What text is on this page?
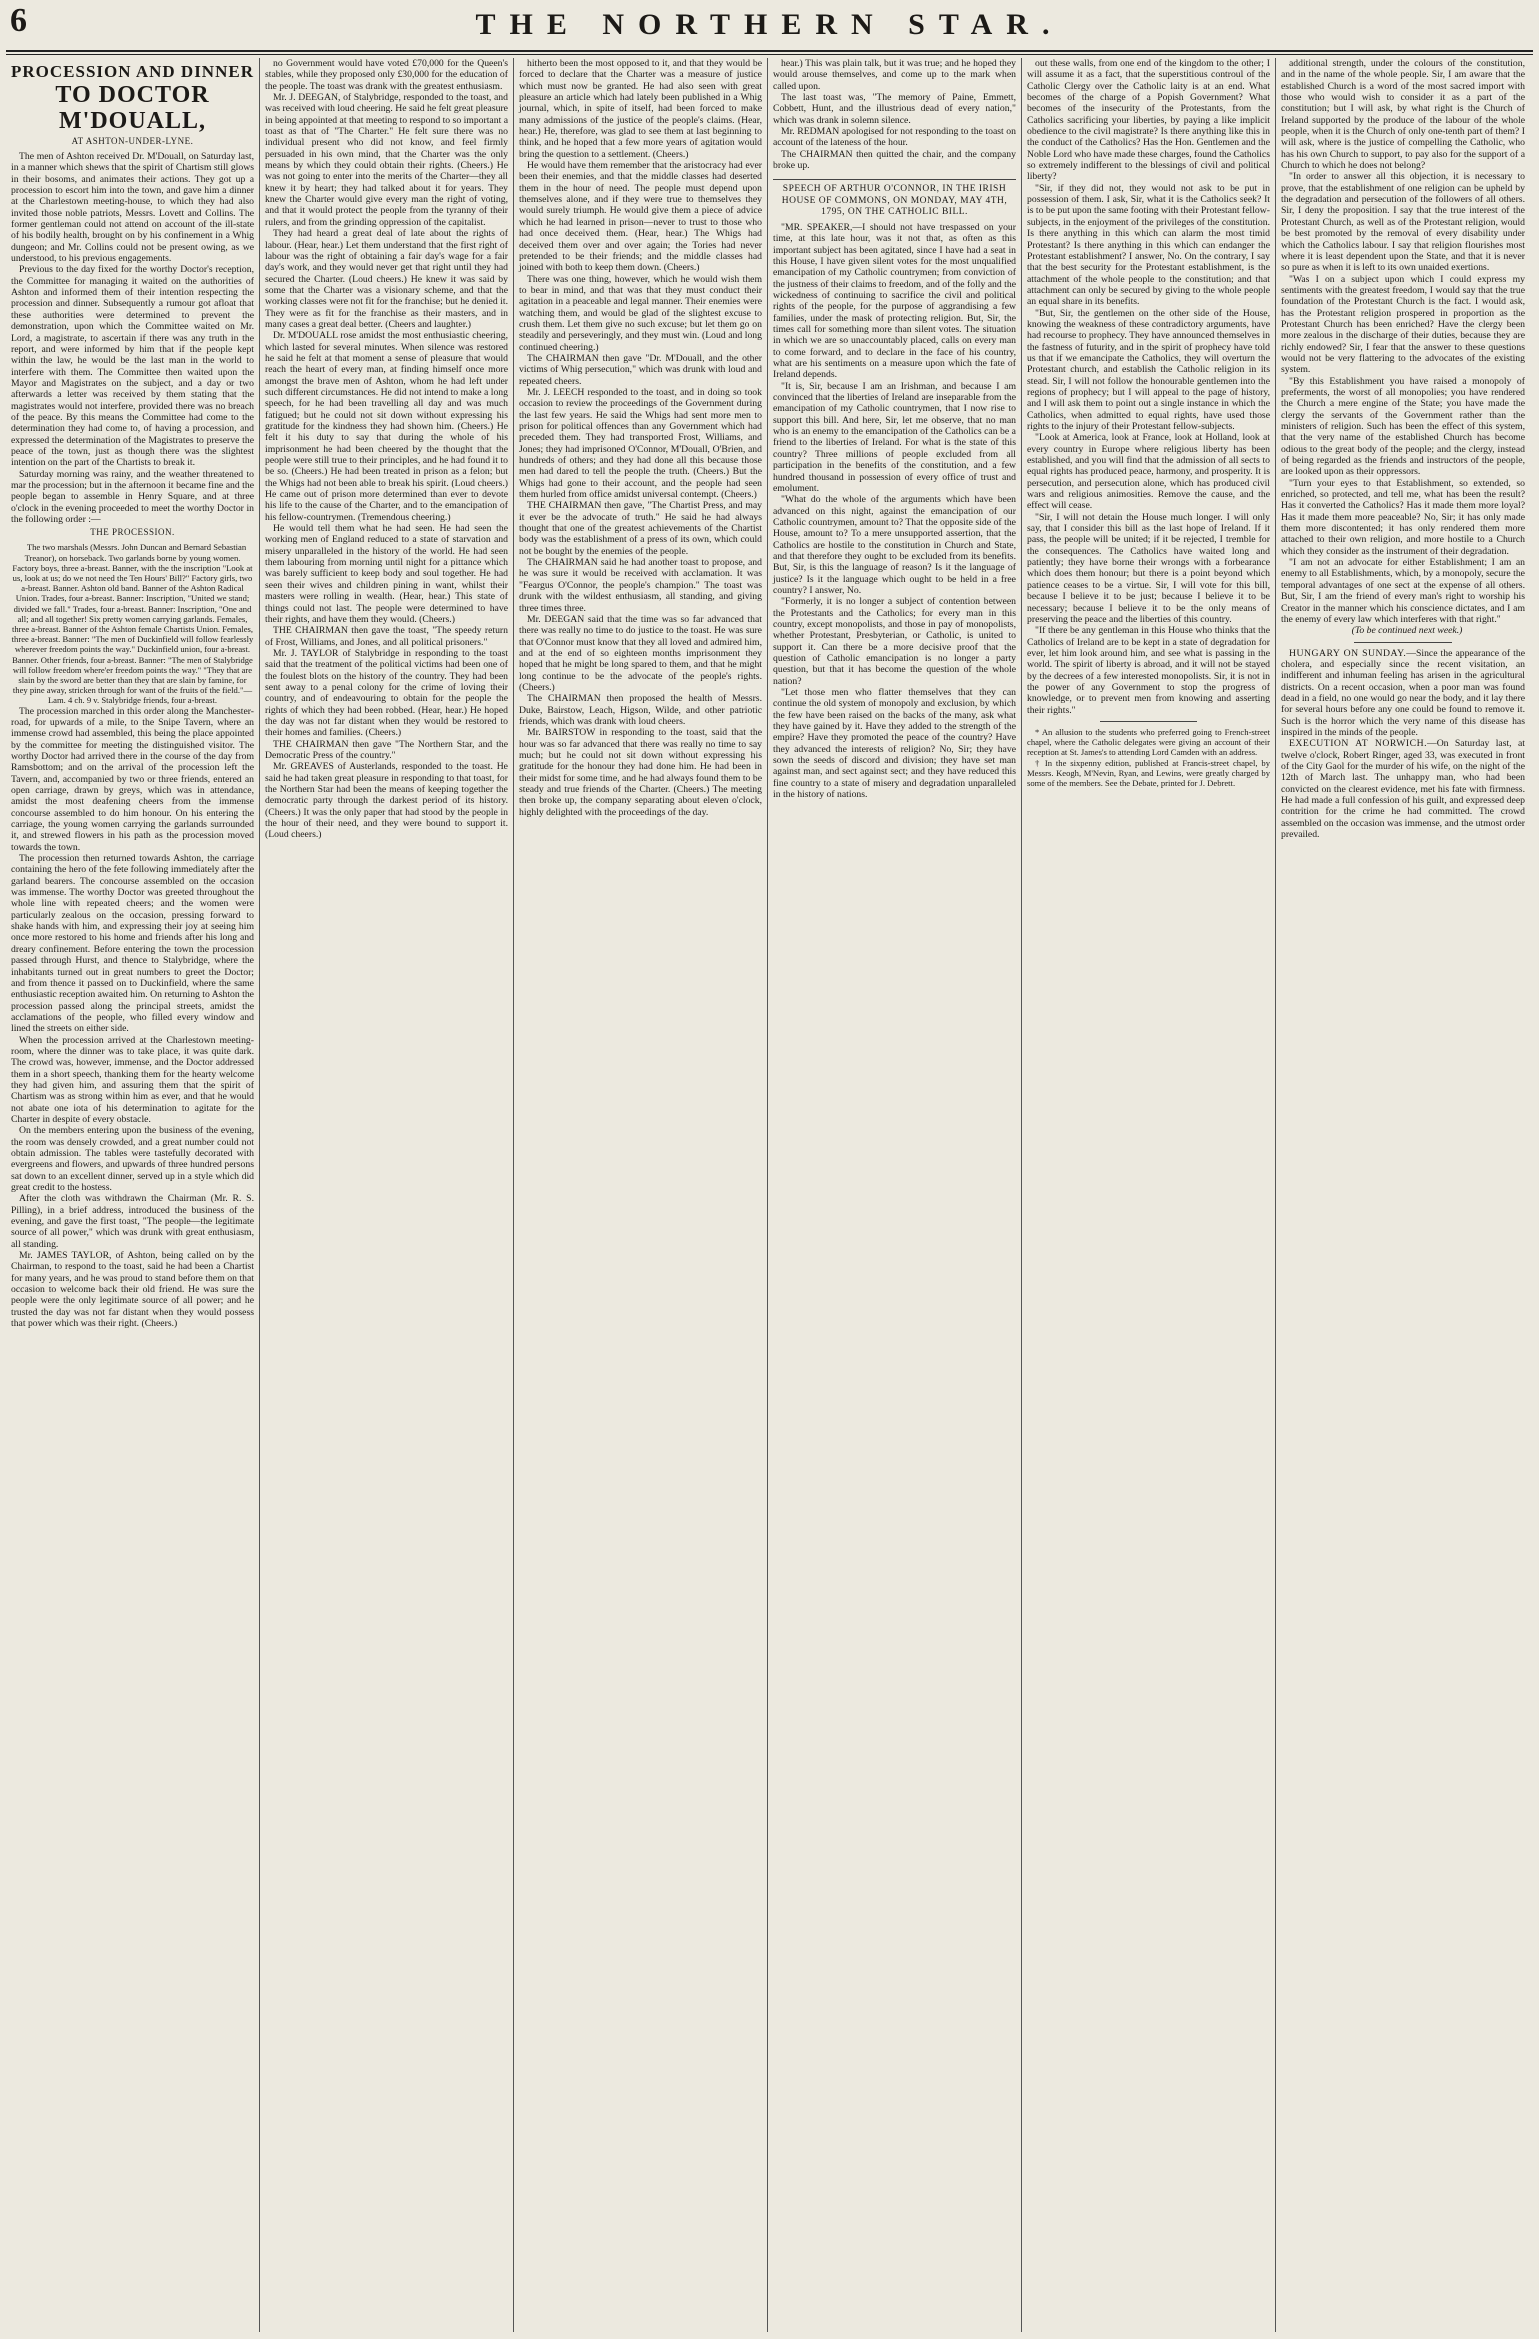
6	THE NORTHERN STAR.
PROCESSION AND DINNER
TO DOCTOR M'DOUALL,
AT ASHTON-UNDER-LYNE.

The men of Ashton received Dr. M'Douall, on Saturday last, in a manner which shews that the spirit of Chartism still glows in their bosoms, and animates their actions. They got up a procession to escort him into the town, and gave him a dinner at the Charlestown meeting-house, to which they had also invited those noble patriots, Messrs. Lovett and Collins. The former gentleman could not attend on account of the ill-state of his bodily health, brought on by his confinement in a Whig dungeon; and Mr. Collins could not be present owing, as we understood, to his previous engagements.

Previous to the day fixed for the worthy Doctor's reception, the Committee for managing it waited on the authorities of Ashton and informed them of their intention respecting the procession and dinner. Subsequently a rumour got afloat that these authorities were determined to prevent the demonstration, upon which the Committee waited on Mr. Lord, a magistrate, to ascertain if there was any truth in the report, and were informed by him that if the people kept within the law, he would be the last man in the world to interfere with them. The Committee then waited upon the Mayor and Magistrates on the subject, and a day or two afterwards a letter was received by them stating that the magistrates would not interfere, provided there was no breach of the peace. By this means the Committee had come to the determination they had come to, of having a procession, and expressed the determination of the Magistrates to preserve the peace of the town, just as though there was the slightest intention on the part of the Chartists to break it.

Saturday morning was rainy, and the weather threatened to mar the procession; but in the afternoon it became fine and the people began to assemble in Henry Square, and at three o'clock in the evening proceeded to meet the worthy Doctor in the following order :—

THE PROCESSION.

The two marshals (Messrs. John Duncan and Bernard Sebastian Treanor), on horseback. Two garlands borne by young women. Factory boys, three a-breast. Banner, with the the inscription "Look at us, look at us; do we not need the Ten Hours' Bill?" Factory girls, two a-breast. Banner. Ashton old band. Banner of the Ashton Radical Union. Trades, four a-breast. Banner: Inscription, "United we stand; divided we fall." Trades, four a-breast. Banner: Inscription, "One and all; and all together! Six pretty women carrying garlands. Females, three a-breast. Banner of the Ashton female Chartists Union. Females, three a-breast. Banner: "The men of Duckinfield will follow fearlessly wherever freedom points the way." Duckinfield union, four a-breast. Banner. Other friends, four a-breast. Banner: "The men of Stalybridge will follow freedom where'er freedom points the way." "They that are slain by the sword are better than they that are slain by famine, for they pine away, stricken through for want of the fruits of the field."—Lam. 4 ch. 9 v. Stalybridge friends, four a-breast.

The procession marched in this order along the Manchester-road, for upwards of a mile, to the Snipe Tavern, where an immense crowd had assembled, this being the place appointed by the committee for meeting the distinguished visitor. The worthy Doctor had arrived there in the course of the day from Ramsbottom; and on the arrival of the procession left the Tavern, and, accompanied by two or three friends, entered an open carriage, drawn by greys, which was in attendance, amidst the most deafening cheers from the immense concourse assembled to do him honour. On his entering the carriage, the young women carrying the garlands surrounded it, and strewed flowers in his path as the procession moved towards the town.

The procession then returned towards Ashton, the carriage containing the hero of the fete following immediately after the garland bearers. The concourse assembled on the occasion was immense. The worthy Doctor was greeted throughout the whole line with repeated cheers; and the women were particularly zealous on the occasion, pressing forward to shake hands with him, and expressing their joy at seeing him once more restored to his home and friends after his long and dreary confinement. Before entering the town the procession passed through Hurst, and thence to Stalybridge, where the inhabitants turned out in great numbers to greet the Doctor; and from thence it passed on to Duckinfield, where the same enthusiastic reception awaited him. On returning to Ashton the procession passed along the principal streets, amidst the acclamations of the people, who filled every window and lined the streets on either side.

When the procession arrived at the Charlestown meeting-room, where the dinner was to take place, it was quite dark. The crowd was, however, immense, and the Doctor addressed them in a short speech, thanking them for the hearty welcome they had given him, and assuring them that the spirit of Chartism was as strong within him as ever, and that he would not abate one iota of his determination to agitate for the Charter in despite of every obstacle.

On the members entering upon the business of the evening, the room was densely crowded, and a great number could not obtain admission. The tables were tastefully decorated with evergreens and flowers, and upwards of three hundred persons sat down to an excellent dinner, served up in a style which did great credit to the hostess.

After the cloth was withdrawn the Chairman (Mr. R. S. Pilling), in a brief address, introduced the business of the evening, and gave the first toast, "The people—the legitimate source of all power," which was drunk with great enthusiasm, all standing.

Mr. JAMES TAYLOR, of Ashton, being called on by the Chairman, to respond to the toast, said he had been a Chartist for many years, and he was proud to stand before them on that occasion to welcome back their old friend. He was sure the people were the only legitimate source of all power; and he trusted the day was not far distant when they would possess that power which was their right. (Cheers.)

no Government would have voted £70,000 for the Queen's stables, while they proposed only £30,000 for the education of the people. The toast was drank with the greatest enthusiasm.

Mr. J. DEEGAN, of Stalybridge, responded to the toast, and was received with loud cheering. He said he felt great pleasure in being appointed at that meeting to respond to so important a toast as that of "The Charter." He felt sure there was no individual present who did not know, and feel firmly persuaded in his own mind, that the Charter was the only means by which they could obtain their rights. (Cheers.) He was not going to enter into the merits of the Charter—they all knew it by heart; they had talked about it for years. They knew the Charter would give every man the right of voting, and that it would protect the people from the tyranny of their rulers, and from the grinding oppression of the capitalist.

They had heard a great deal of late about the rights of labour. (Hear, hear.) Let them understand that the first right of labour was the right of obtaining a fair day's wage for a fair day's work, and they would never get that right until they had secured the Charter. (Loud cheers.) He knew it was said by some that the Charter was a visionary scheme, and that the working classes were not fit for the franchise; but he denied it. They were as fit for the franchise as their masters, and in many cases a great deal better. (Cheers and laughter.)

Dr. M'DOUALL rose amidst the most enthusiastic cheering, which lasted for several minutes. When silence was restored he said he felt at that moment a sense of pleasure that would reach the heart of every man, at finding himself once more amongst the brave men of Ashton, whom he had left under such different circumstances. He did not intend to make a long speech, for he had been travelling all day and was much fatigued; but he could not sit down without expressing his gratitude for the kindness they had shown him. (Cheers.) He felt it his duty to say that during the whole of his imprisonment he had been cheered by the thought that the people were still true to their principles, and he had found it to be so. (Cheers.) He had been treated in prison as a felon; but the Whigs had not been able to break his spirit. (Loud cheers.) He came out of prison more determined than ever to devote his life to the cause of the Charter, and to the emancipation of his fellow-countrymen. (Tremendous cheering.)

He would tell them what he had seen. He had seen the working men of England reduced to a state of starvation and misery unparalleled in the history of the world. He had seen them labouring from morning until night for a pittance which was barely sufficient to keep body and soul together. He had seen their wives and children pining in want, whilst their masters were rolling in wealth. (Hear, hear.) This state of things could not last. The people were determined to have their rights, and have them they would. (Cheers.)

THE CHAIRMAN then gave the toast, "The speedy return of Frost, Williams, and Jones, and all political prisoners."

Mr. J. TAYLOR of Stalybridge in responding to the toast said that the treatment of the political victims had been one of the foulest blots on the history of the country. They had been sent away to a penal colony for the crime of loving their country, and of endeavouring to obtain for the people the rights of which they had been robbed. (Hear, hear.) He hoped the day was not far distant when they would be restored to their homes and families. (Cheers.)

THE CHAIRMAN then gave "The Northern Star, and the Democratic Press of the country."

Mr. GREAVES of Austerlands, responded to the toast. He said he had taken great pleasure in responding to that toast, for the Northern Star had been the means of keeping together the democratic party through the darkest period of its history. (Cheers.) It was the only paper that had stood by the people in the hour of their need, and they were bound to support it. (Loud cheers.)

hitherto been the most opposed to it, and that they would be forced to declare that the Charter was a measure of justice which must now be granted. He had also seen with great pleasure an article which had lately been published in a Whig journal, which, in spite of itself, had been forced to make many admissions of the justice of the people's claims. (Hear, hear.) He, therefore, was glad to see them at last beginning to think, and he hoped that a few more years of agitation would bring the question to a settlement. (Cheers.)

He would have them remember that the aristocracy had ever been their enemies, and that the middle classes had deserted them in the hour of need. The people must depend upon themselves alone, and if they were true to themselves they would surely triumph. He would give them a piece of advice which he had learned in prison—never to trust to those who had once deceived them. (Hear, hear.) The Whigs had deceived them over and over again; the Tories had never pretended to be their friends; and the middle classes had joined with both to keep them down. (Cheers.)

There was one thing, however, which he would wish them to bear in mind, and that was that they must conduct their agitation in a peaceable and legal manner. Their enemies were watching them, and would be glad of the slightest excuse to crush them. Let them give no such excuse; but let them go on steadily and perseveringly, and they must win. (Loud and long continued cheering.)

The CHAIRMAN then gave "Dr. M'Douall, and the other victims of Whig persecution," which was drunk with loud and repeated cheers.

Mr. J. LEECH responded to the toast, and in doing so took occasion to review the proceedings of the Government during the last few years. He said the Whigs had sent more men to prison for political offences than any Government which had preceded them. They had transported Frost, Williams, and Jones; they had imprisoned O'Connor, M'Douall, O'Brien, and hundreds of others; and they had done all this because those men had dared to tell the people the truth. (Cheers.) But the Whigs had gone to their account, and the people had seen them hurled from office amidst universal contempt. (Cheers.)

THE CHAIRMAN then gave, "The Chartist Press, and may it ever be the advocate of truth." He said he had always thought that one of the greatest achievements of the Chartist body was the establishment of a press of its own, which could not be bought by the enemies of the people.

The CHAIRMAN said he had another toast to propose, and he was sure it would be received with acclamation. It was "Feargus O'Connor, the people's champion." The toast was drunk with the wildest enthusiasm, all standing, and giving three times three.

Mr. DEEGAN said that the time was so far advanced that there was really no time to do justice to the toast. He was sure that O'Connor must know that they all loved and admired him, and at the end of so eighteen months imprisonment they hoped that he might be long spared to them, and that he might long continue to be the advocate of the people's rights. (Cheers.)

The CHAIRMAN then proposed the health of Messrs. Duke, Bairstow, Leach, Higson, Wilde, and other patriotic friends, which was drank with loud cheers.

Mr. BAIRSTOW in responding to the toast, said that the hour was so far advanced that there was really no time to say much; but he could not sit down without expressing his gratitude for the honour they had done him. He had been in their midst for some time, and he had always found them to be steady and true friends of the Charter. (Cheers.) The meeting then broke up, the company separating about eleven o'clock, highly delighted with the proceedings of the day.

hear.) This was plain talk, but it was true; and he hoped they would arouse themselves, and come up to the mark when called upon.

The last toast was, "The memory of Paine, Emmett, Cobbett, Hunt, and the illustrious dead of every nation," which was drank in solemn silence.

Mr. REDMAN apologised for not responding to the toast on account of the lateness of the hour.

The CHAIRMAN then quitted the chair, and the company broke up.

SPEECH OF ARTHUR O'CONNOR, IN THE IRISH HOUSE OF COMMONS, ON MONDAY, MAY 4TH, 1795, ON THE CATHOLIC BILL.

"MR. SPEAKER,—I should not have trespassed on your time, at this late hour, was it not that, as often as this important subject has been agitated, since I have had a seat in this House, I have given silent votes for the most unqualified emancipation of my Catholic countrymen; from conviction of the justness of their claims to freedom, and of the folly and the wickedness of continuing to sacrifice the civil and political rights of the people, for the purpose of aggrandising a few families, under the mask of protecting religion. But, Sir, the times call for something more than silent votes. The situation in which we are so unaccountably placed, calls on every man to come forward, and to declare in the face of his country, what are his sentiments on a measure upon which the fate of Ireland depends.

"It is, Sir, because I am an Irishman, and because I am convinced that the liberties of Ireland are inseparable from the emancipation of my Catholic countrymen, that I now rise to support this bill. And here, Sir, let me observe, that no man who is an enemy to the emancipation of the Catholics can be a friend to the liberties of Ireland. For what is the state of this country? Three millions of people excluded from all participation in the benefits of the constitution, and a few hundred thousand in possession of every office of trust and emolument.

"What do the whole of the arguments which have been advanced on this night, against the emancipation of our Catholic countrymen, amount to? That the opposite side of the House, amount to? To a mere unsupported assertion, that the Catholics are hostile to the constitution in Church and State, and that therefore they ought to be excluded from its benefits. But, Sir, is this the language of reason? Is it the language of justice? Is it the language which ought to be held in a free country? I answer, No.

"Formerly, it is no longer a subject of contention between the Protestants and the Catholics; for every man in this country, except monopolists, and those in pay of monopolists, whether Protestant, Presbyterian, or Catholic, is united to support it. Can there be a more decisive proof that the question of Catholic emancipation is no longer a party question, but that it has become the question of the whole nation?

"Let those men who flatter themselves that they can continue the old system of monopoly and exclusion, by which the few have been raised on the backs of the many, ask what they have gained by it. Have they added to the strength of the empire? Have they promoted the peace of the country? Have they advanced the interests of religion? No, Sir; they have sown the seeds of discord and division; they have set man against man, and sect against sect; and they have reduced this fine country to a state of misery and degradation unparalleled in the history of nations.

out these walls, from one end of the kingdom to the other; I will assume it as a fact, that the superstitious controul of the Catholic Clergy over the Catholic laity is at an end. What becomes of the charge of a Popish Government? What becomes of the insecurity of the Protestants, from the Catholics sacrificing your liberties, by paying a like implicit obedience to the civil magistrate? Is there anything like this in the conduct of the Catholics? Has the Hon. Gentlemen and the Noble Lord who have made these charges, found the Catholics so extremely indifferent to the blessings of civil and political liberty?

"Sir, if they did not, they would not ask to be put in possession of them. I ask, Sir, what it is the Catholics seek? It is to be put upon the same footing with their Protestant fellow-subjects, in the enjoyment of the privileges of the constitution. Is there anything in this which can alarm the most timid Protestant? Is there anything in this which can endanger the Protestant establishment? I answer, No. On the contrary, I say that the best security for the Protestant establishment, is the attachment of the whole people to the constitution; and that attachment can only be secured by giving to the whole people an equal share in its benefits.

"But, Sir, the gentlemen on the other side of the House, knowing the weakness of these contradictory arguments, have had recourse to prophecy. They have announced themselves in the fastness of futurity, and in the spirit of prophecy have told us that if we emancipate the Catholics, they will overturn the Protestant church, and establish the Catholic religion in its stead. Sir, I will not follow the honourable gentlemen into the regions of prophecy; but I will appeal to the page of history, and I will ask them to point out a single instance in which the Catholics, when admitted to equal rights, have used those rights to the injury of their Protestant fellow-subjects.

"Look at America, look at France, look at Holland, look at every country in Europe where religious liberty has been established, and you will find that the admission of all sects to equal rights has produced peace, harmony, and prosperity. It is persecution, and persecution alone, which has produced civil wars and religious animosities. Remove the cause, and the effect will cease.

"Sir, I will not detain the House much longer. I will only say, that I consider this bill as the last hope of Ireland. If it pass, the people will be united; if it be rejected, I tremble for the consequences. The Catholics have waited long and patiently; they have borne their wrongs with a forbearance which does them honour; but there is a point beyond which patience ceases to be a virtue. Sir, I will vote for this bill, because I believe it to be just; because I believe it to be necessary; because I believe it to be the only means of preserving the peace and the liberties of this country.

"If there be any gentleman in this House who thinks that the Catholics of Ireland are to be kept in a state of degradation for ever, let him look around him, and see what is passing in the world. The spirit of liberty is abroad, and it will not be stayed by the decrees of a few interested monopolists. Sir, it is not in the power of any Government to stop the progress of knowledge, or to prevent men from knowing and asserting their rights."

* An allusion to the students who preferred going to French-street chapel, where the Catholic delegates were giving an account of their reception at St. James's to attending Lord Camden with an address.

† In the sixpenny edition, published at Francis-street chapel, by Messrs. Keogh, M'Nevin, Ryan, and Lewins, were greatly charged by some of the members. See the Debate, printed for J. Debrett.

additional strength, under the colours of the constitution, and in the name of the whole people. Sir, I am aware that the established Church is a word of the most sacred import with those who would wish to consider it as a part of the constitution; but I will ask, by what right is the Church of Ireland supported by the produce of the labour of the whole people, when it is the Church of only one-tenth part of them? I will ask, where is the justice of compelling the Catholic, who has his own Church to support, to pay also for the support of a Church to which he does not belong?

"In order to answer all this objection, it is necessary to prove, that the establishment of one religion can be upheld by the degradation and persecution of the followers of all others. Sir, I deny the proposition. I say that the true interest of the Protestant Church, as well as of the Protestant religion, would be best promoted by the removal of every disability under which the Catholics labour. I say that religion flourishes most where it is least dependent upon the State, and that it is never so pure as when it is left to its own unaided exertions.

"Was I on a subject upon which I could express my sentiments with the greatest freedom, I would say that the true foundation of the Protestant Church is the fact. I would ask, has the Protestant religion prospered in proportion as the Protestant Church has been enriched? Have the clergy been more zealous in the discharge of their duties, because they are richly endowed? Sir, I fear that the answer to these questions would not be very flattering to the advocates of the existing system.

"By this Establishment you have raised a monopoly of preferments, the worst of all monopolies; you have rendered the Church a mere engine of the State; you have made the clergy the servants of the Government rather than the ministers of religion. Such has been the effect of this system, that the very name of the established Church has become odious to the great body of the people; and the clergy, instead of being regarded as the friends and instructors of the people, are looked upon as their oppressors.

"Turn your eyes to that Establishment, so extended, so enriched, so protected, and tell me, what has been the result? Has it converted the Catholics? Has it made them more loyal? Has it made them more peaceable? No, Sir; it has only made them more discontented; it has only rendered them more attached to their own religion, and more hostile to a Church which they consider as the instrument of their degradation.

"I am not an advocate for either Establishment; I am an enemy to all Establishments, which, by a monopoly, secure the temporal advantages of one sect at the expense of all others. But, Sir, I am the friend of every man's right to worship his Creator in the manner which his conscience dictates, and I am the enemy of every law which interferes with that right."

(To be continued next week.)

HUNGARY ON SUNDAY.—Since the appearance of the cholera, and especially since the recent visitation, an indifferent and inhuman feeling has arisen in the agricultural districts. On a recent occasion, when a poor man was found dead in a field, no one would go near the body, and it lay there for several hours before any one could be found to remove it. Such is the horror which the very name of this disease has inspired in the minds of the people.

EXECUTION AT NORWICH.—On Saturday last, at twelve o'clock, Robert Ringer, aged 33, was executed in front of the City Gaol for the murder of his wife, on the night of the 12th of March last. The unhappy man, who had been convicted on the clearest evidence, met his fate with firmness. He had made a full confession of his guilt, and expressed deep contrition for the crime he had committed. The crowd assembled on the occasion was immense, and the utmost order prevailed.
